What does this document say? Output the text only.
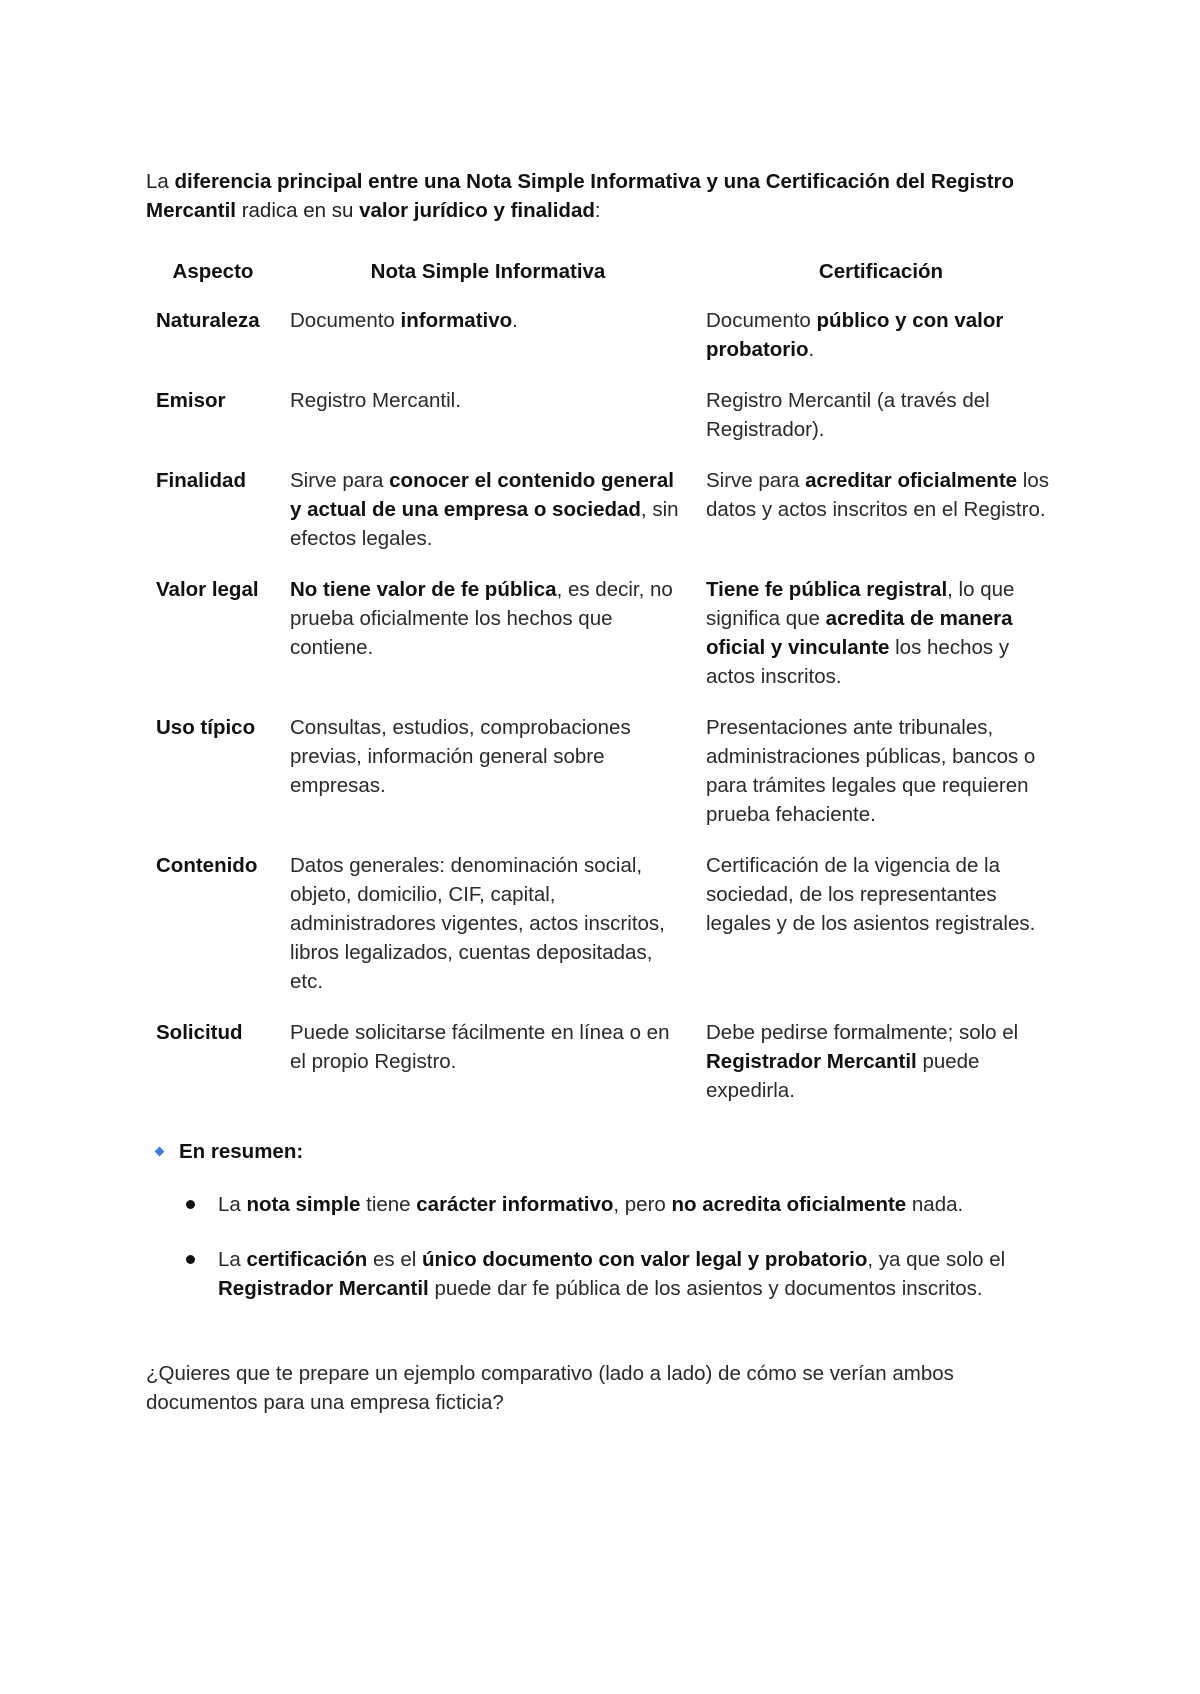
La diferencia principal entre una Nota Simple Informativa y una Certificación del Registro Mercantil radica en su valor jurídico y finalidad:

Aspecto	Nota Simple Informativa	Certificación
Naturaleza	Documento informativo.	Documento público y con valor probatorio.
Emisor	Registro Mercantil.	Registro Mercantil (a través del Registrador).
Finalidad	Sirve para conocer el contenido general y actual de una empresa o sociedad, sin efectos legales.	Sirve para acreditar oficialmente los datos y actos inscritos en el Registro.
Valor legal	No tiene valor de fe pública, es decir, no prueba oficialmente los hechos que contiene.	Tiene fe pública registral, lo que significa que acredita de manera oficial y vinculante los hechos y actos inscritos.
Uso típico	Consultas, estudios, comprobaciones previas, información general sobre empresas.	Presentaciones ante tribunales, administraciones públicas, bancos o para trámites legales que requieren prueba fehaciente.
Contenido	Datos generales: denominación social, objeto, domicilio, CIF, capital, administradores vigentes, actos inscritos, libros legalizados, cuentas depositadas, etc.	Certificación de la vigencia de la sociedad, de los representantes legales y de los asientos registrales.
Solicitud	Puede solicitarse fácilmente en línea o en el propio Registro.	Debe pedirse formalmente; solo el Registrador Mercantil puede expedirla.
En resumen:
La nota simple tiene carácter informativo, pero no acredita oficialmente nada.
La certificación es el único documento con valor legal y probatorio, ya que solo el Registrador Mercantil puede dar fe pública de los asientos y documentos inscritos.

¿Quieres que te prepare un ejemplo comparativo (lado a lado) de cómo se verían ambos documentos para una empresa ficticia?
